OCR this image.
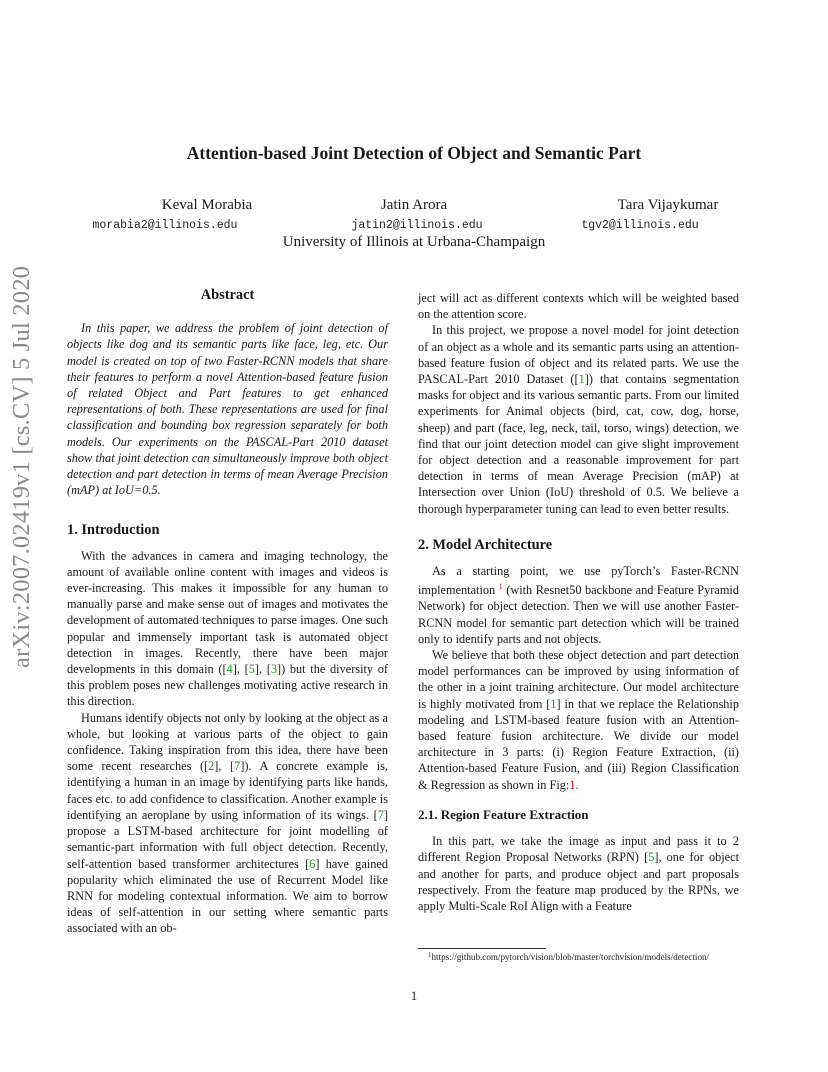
Attention-based Joint Detection of Object and Semantic Part
Keval Morabia	Jatin Arora	Tara Vijaykumar
morabia2@illinois.edu	jatin2@illinois.edu	tgv2@illinois.edu
University of Illinois at Urbana-Champaign
arXiv:2007.02419v1 [cs.CV] 5 Jul 2020	Abstract

In this paper, we address the problem of joint detection of objects like dog and its semantic parts like face, leg, etc. Our model is created on top of two Faster-RCNN models that share their features to perform a novel Attention-based feature fusion of related Object and Part features to get enhanced representations of both. These representations are used for final classification and bounding box regression separately for both models. Our experiments on the PASCAL-Part 2010 dataset show that joint detection can simultaneously improve both object detection and part detection in terms of mean Average Precision (mAP) at IoU=0.5.

1. Introduction

With the advances in camera and imaging technology, the amount of available online content with images and videos is ever-increasing. This makes it impossible for any human to manually parse and make sense out of images and motivates the development of automated techniques to parse images. One such popular and immensely important task is automated object detection in images. Recently, there have been major developments in this domain ([4], [5], [3]) but the diversity of this problem poses new challenges motivating active research in this direction.

Humans identify objects not only by looking at the object as a whole, but looking at various parts of the object to gain confidence. Taking inspiration from this idea, there have been some recent researches ([2], [7]). A concrete example is, identifying a human in an image by identifying parts like hands, faces etc. to add confidence to classification. Another example is identifying an aeroplane by using information of its wings. [7] propose a LSTM-based architecture for joint modelling of semantic-part information with full object detection. Recently, self-attention based transformer architectures [6] have gained popularity which eliminated the use of Recurrent Model like RNN for modeling contextual information. We aim to borrow ideas of self-attention in our setting where semantic parts associated with an ob-

ject will act as different contexts which will be weighted based on the attention score.

In this project, we propose a novel model for joint detection of an object as a whole and its semantic parts using an attention-based feature fusion of object and its related parts. We use the PASCAL-Part 2010 Dataset ([1]) that contains segmentation masks for object and its various semantic parts. From our limited experiments for Animal objects (bird, cat, cow, dog, horse, sheep) and part (face, leg, neck, tail, torso, wings) detection, we find that our joint detection model can give slight improvement for object detection and a reasonable improvement for part detection in terms of mean Average Precision (mAP) at Intersection over Union (IoU) threshold of 0.5. We believe a thorough hyperparameter tuning can lead to even better results.

2. Model Architecture

As a starting point, we use pyTorch’s Faster-RCNN implementation $^1$ (with Resnet50 backbone and Feature Pyramid Network) for object detection. Then we will use another Faster-RCNN model for semantic part detection which will be trained only to identify parts and not objects.

We believe that both these object detection and part detection model performances can be improved by using information of the other in a joint training architecture. Our model architecture is highly motivated from [1] in that we replace the Relationship modeling and LSTM-based feature fusion with an Attention-based feature fusion architecture. We divide our model architecture in 3 parts: (i) Region Feature Extraction, (ii) Attention-based Feature Fusion, and (iii) Region Classification & Regression as shown in Fig:1.

2.1. Region Feature Extraction

In this part, we take the image as input and pass it to 2 different Region Proposal Networks (RPN) [5], one for object and another for parts, and produce object and part proposals respectively. From the feature map produced by the RPNs, we apply Multi-Scale RoI Align with a Feature

$^1$https://github.com/pytorch/vision/blob/master/torchvision/models/detection/
1
